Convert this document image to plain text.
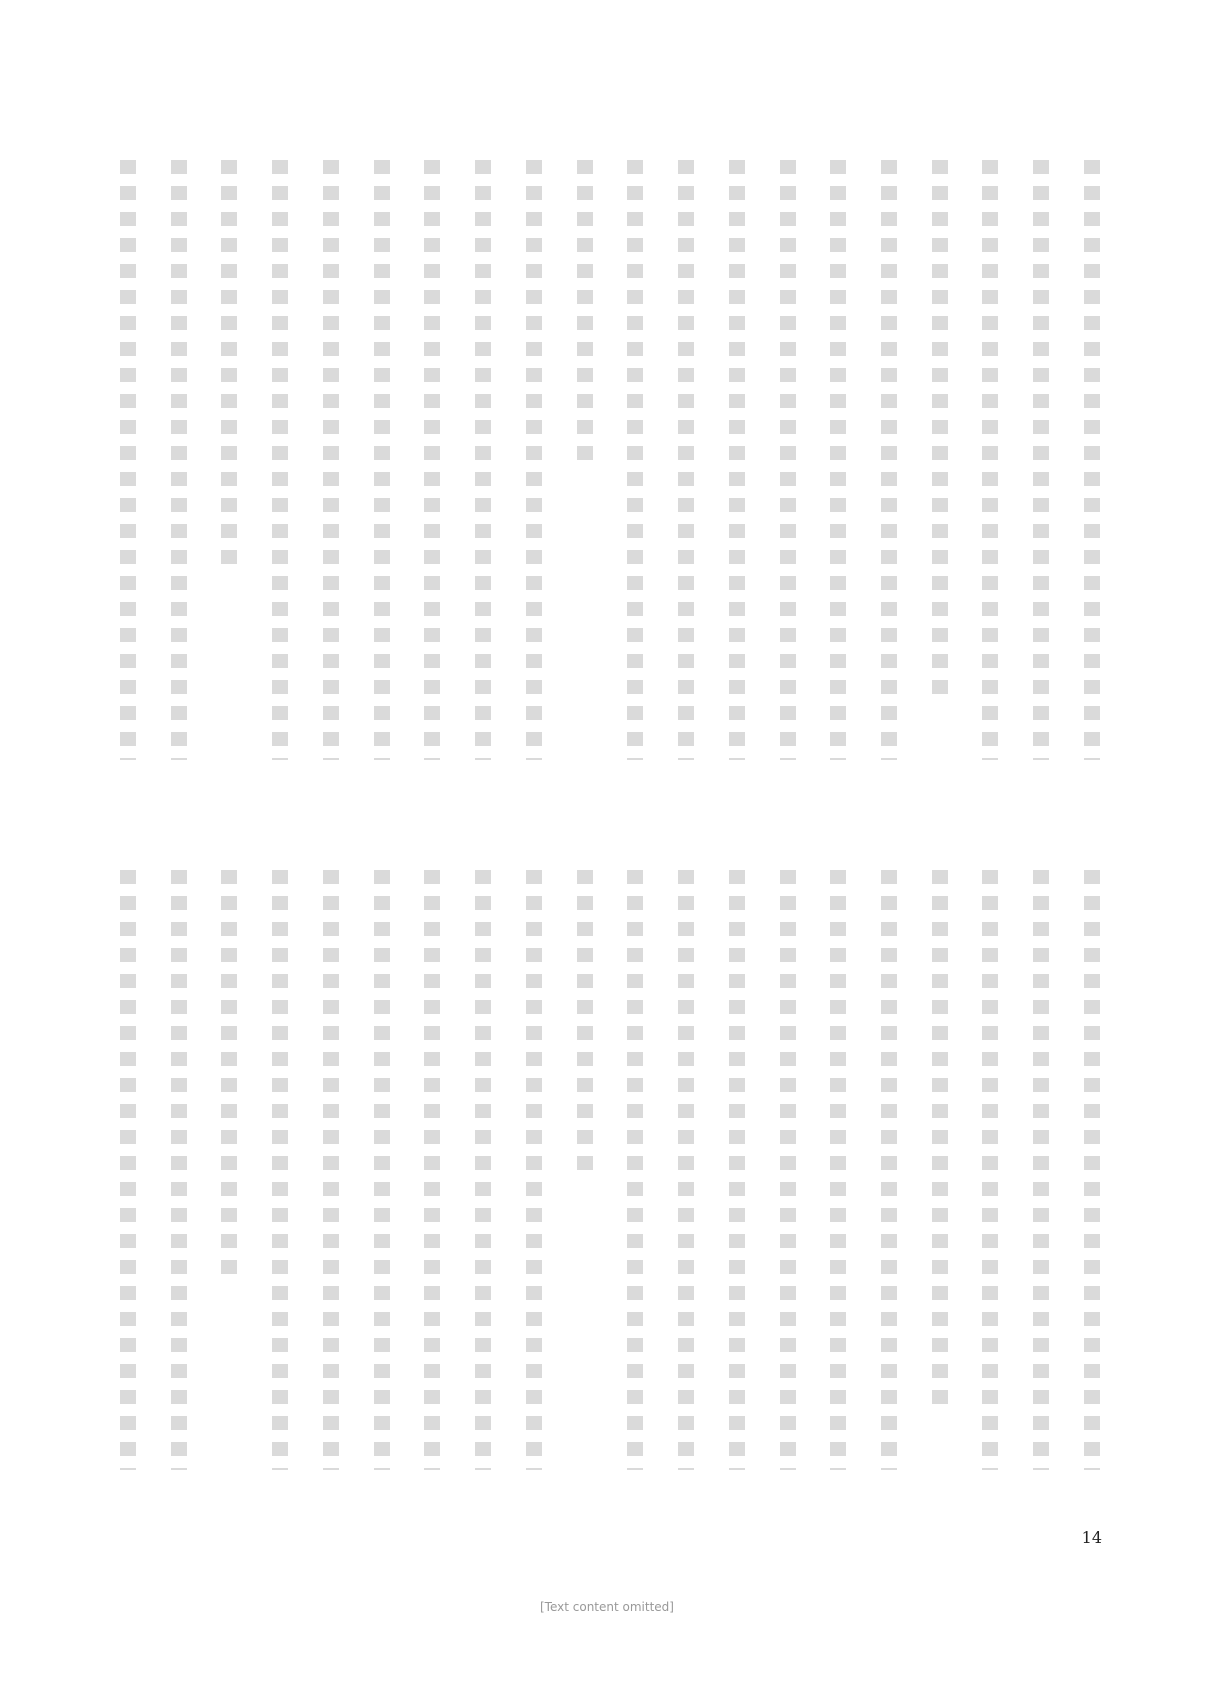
14
[Text content omitted]
